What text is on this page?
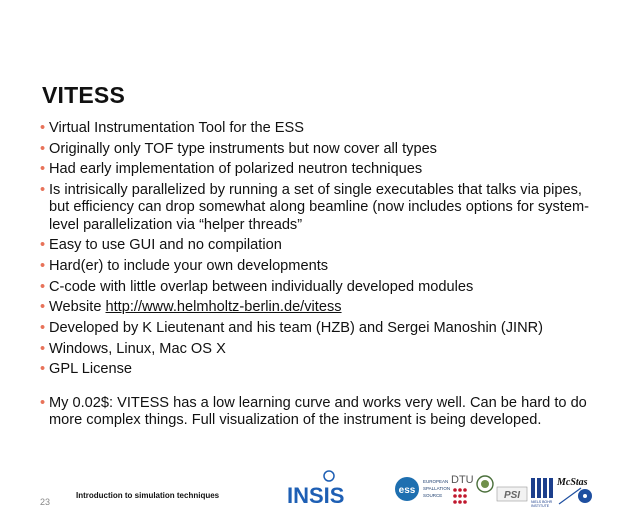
VITESS
• Virtual Instrumentation Tool for the ESS
• Originally only TOF type instruments but now cover all types
• Had early implementation of polarized neutron techniques
• Is intrisically parallelized by running a set of single executables that talks via pipes, but efficiency can drop somewhat along beamline (now includes options for system-level parallelization via “helper threads”
• Easy to use GUI and no compilation
• Hard(er) to include your own developments
• C-code with little overlap between individually developed modules
• Website http://www.helmholtz-berlin.de/vitess
• Developed by K Lieutenant and his team (HZB) and Sergei Manoshin (JINR)
• Windows, Linux, Mac OS X
• GPL License
• My 0.02$: VITESS has a low learning curve and works very well. Can be hard to do more complex things. Full visualization of the instrument is being developed.
23
Introduction to simulation techniques	INSIS	ess
EUROPEAN
SPALLATION
SOURCE
DTU
PSI
NIELS BOHR
INSTITUTE
McStas
